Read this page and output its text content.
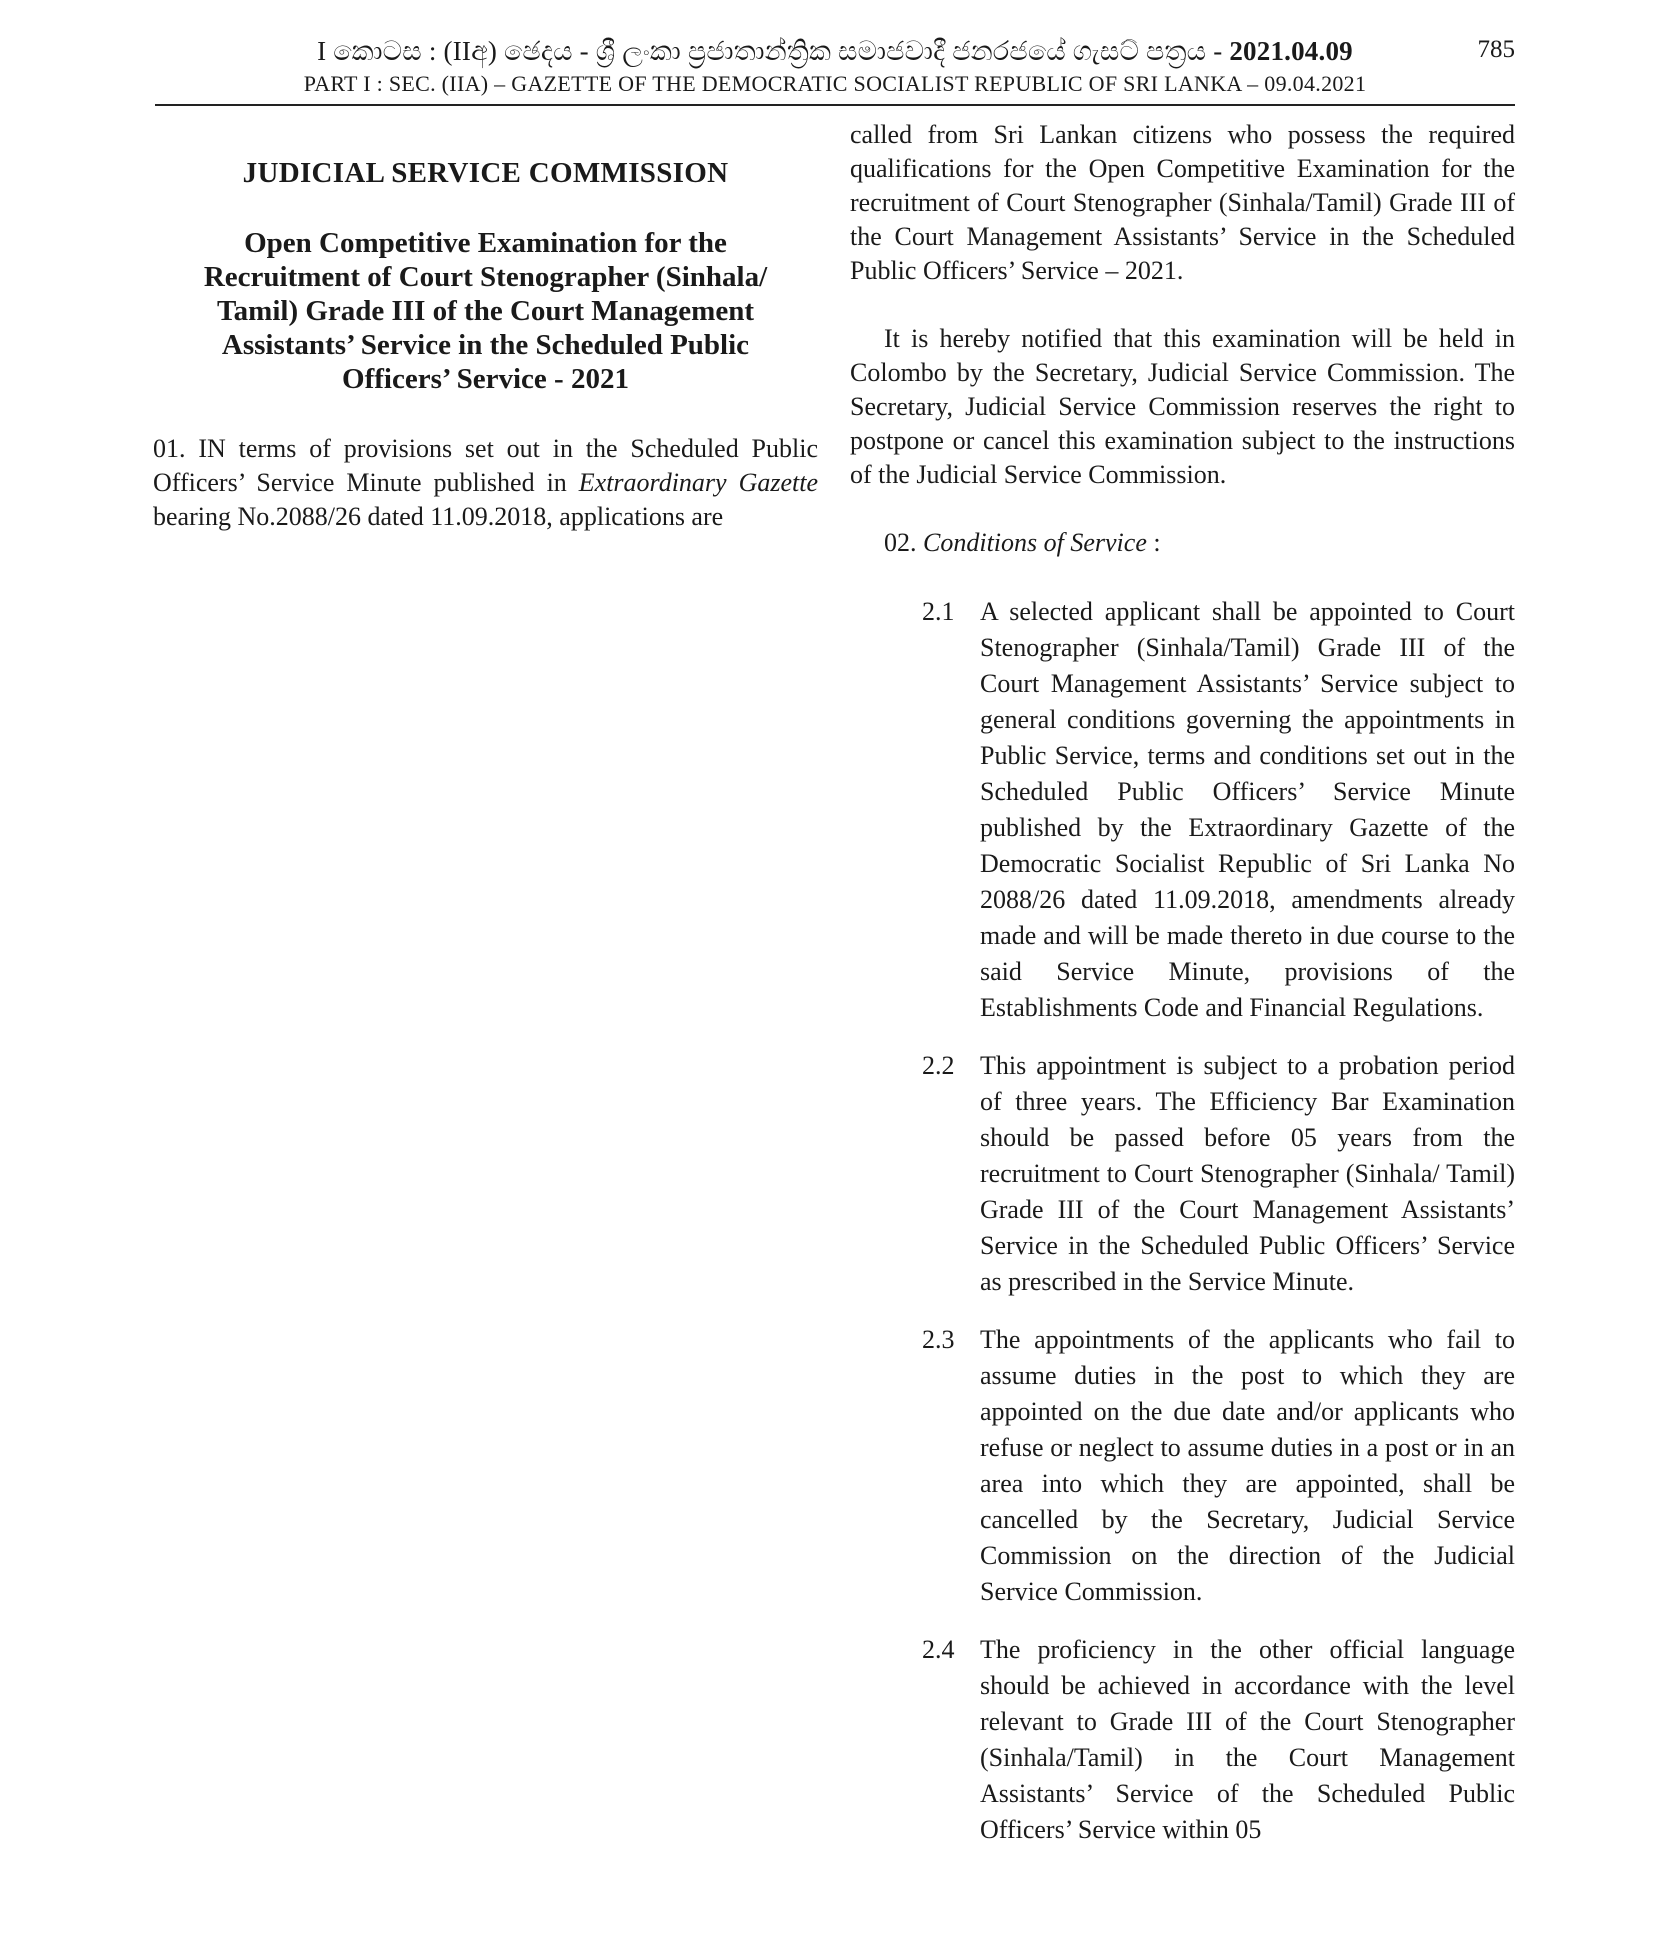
I කොටස : (IIඅ) ඡෙදය - ශ්‍රී ලංකා ප්‍රජාතාන්ත්‍රික සමාජවාදී ජනරජයේ ගැසට් පත්‍රය - 2021.04.09
PART I : SEC. (IIA) – GAZETTE OF THE DEMOCRATIC SOCIALIST REPUBLIC OF SRI LANKA – 09.04.2021
785
JUDICIAL SERVICE COMMISSION
Open Competitive Examination for the Recruitment of Court Stenographer (Sinhala/ Tamil) Grade III of the Court Management Assistants’ Service in the Scheduled Public Officers’ Service - 2021

01. IN terms of provisions set out in the Scheduled Public Officers’ Service Minute published in Extraordinary Gazette bearing No.2088/26 dated 11.09.2018, applications are

called from Sri Lankan citizens who possess the required qualifications for the Open Competitive Examination for the recruitment of Court Stenographer (Sinhala/Tamil) Grade III of the Court Management Assistants’ Service in the Scheduled Public Officers’ Service – 2021.

It is hereby notified that this examination will be held in Colombo by the Secretary, Judicial Service Commission. The Secretary, Judicial Service Commission reserves the right to postpone or cancel this examination subject to the instructions of the Judicial Service Commission.

02. Conditions of Service :

2.1 A selected applicant shall be appointed to Court Stenographer (Sinhala/Tamil) Grade III of the Court Management Assistants’ Service subject to general conditions governing the appointments in Public Service, terms and conditions set out in the Scheduled Public Officers’ Service Minute published by the Extraordinary Gazette of the Democratic Socialist Republic of Sri Lanka No 2088/26 dated 11.09.2018, amendments already made and will be made thereto in due course to the said Service Minute, provisions of the Establishments Code and Financial Regulations.
2.2 This appointment is subject to a probation period of three years. The Efficiency Bar Examination should be passed before 05 years from the recruitment to Court Stenographer (Sinhala/ Tamil) Grade III of the Court Management Assistants’ Service in the Scheduled Public Officers’ Service as prescribed in the Service Minute.
2.3 The appointments of the applicants who fail to assume duties in the post to which they are appointed on the due date and/or applicants who refuse or neglect to assume duties in a post or in an area into which they are appointed, shall be cancelled by the Secretary, Judicial Service Commission on the direction of the Judicial Service Commission.
2.4 The proficiency in the other official language should be achieved in accordance with the level relevant to Grade III of the Court Stenographer (Sinhala/Tamil) in the Court Management Assistants’ Service of the Scheduled Public Officers’ Service within 05
